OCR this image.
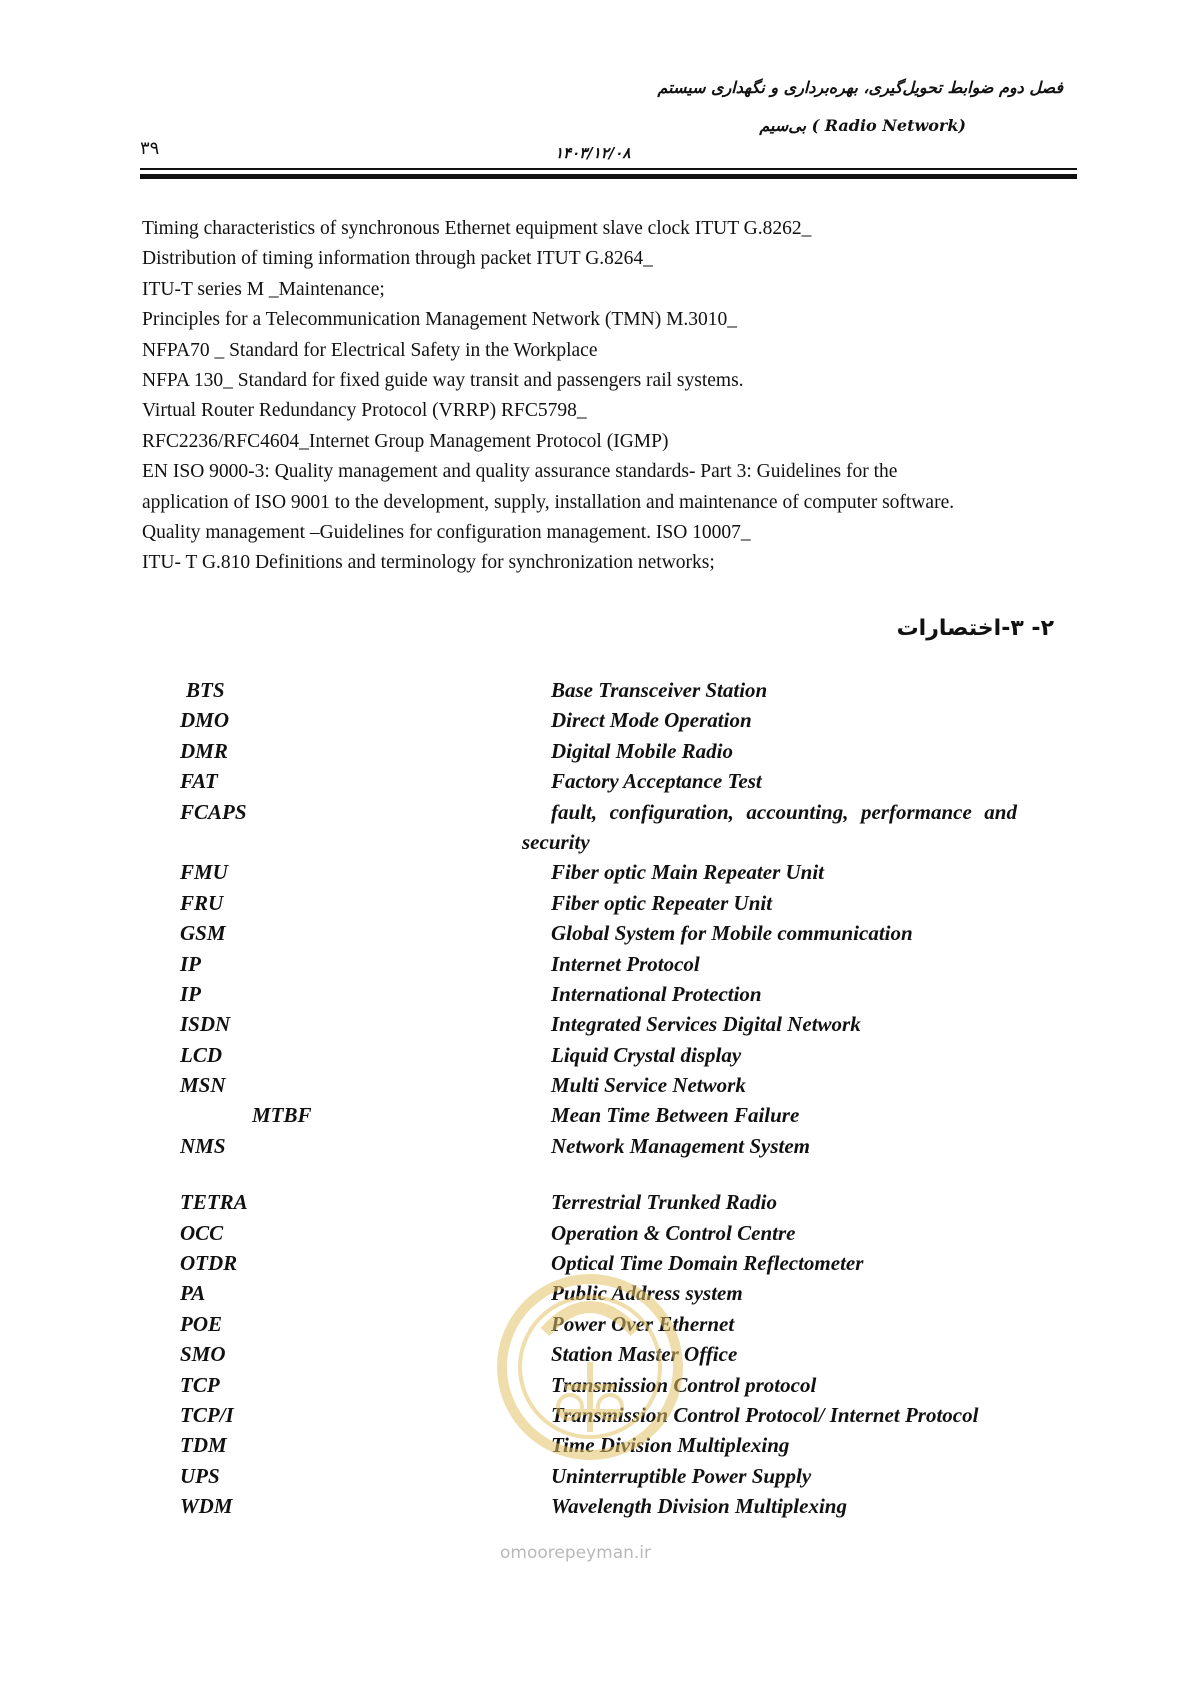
فصل دوم ضوابط تحویل‌گیری، بهره‌برداری و نگهداری سیستم
بی‌سیم ( Radio Network)
۳۹	۱۴۰۳/۱۲/۰۸

Timing characteristics of synchronous Ethernet equipment slave clock ITUT G.8262_

Distribution of timing information through packet ITUT G.8264_

ITU-T series M _Maintenance;

Principles for a Telecommunication Management Network (TMN) M.3010_

NFPA70 _ Standard for Electrical Safety in the Workplace

NFPA 130_ Standard for fixed guide way transit and passengers rail systems.

Virtual Router Redundancy Protocol (VRRP) RFC5798_

RFC2236/RFC4604_Internet Group Management Protocol (IGMP)

EN ISO 9000-3: Quality management and quality assurance standards- Part 3: Guidelines for the

application of ISO 9001 to the development, supply, installation and maintenance of computer software.

Quality management –Guidelines for configuration management. ISO 10007_

ITU- T G.810 Definitions and terminology for synchronization networks;

۲- ۳-اختصارات
BTS	Base Transceiver Station
DMO	Direct Mode Operation
DMR	Digital Mobile Radio
FAT	Factory Acceptance Test
FCAPS	fault, configuration, accounting, performance and security
FMU	Fiber optic Main Repeater Unit
FRU	Fiber optic Repeater Unit
GSM	Global System for Mobile communication
IP	Internet Protocol
IP	International Protection
ISDN	Integrated Services Digital Network
LCD	Liquid Crystal display
MSN	Multi Service Network
MTBF	Mean Time Between Failure
NMS	Network Management System
TETRA	Terrestrial Trunked Radio
OCC	Operation & Control Centre
OTDR	Optical Time Domain Reflectometer
PA	Public Address system
POE	Power Over Ethernet
SMO	Station Master Office
TCP	Transmission Control protocol
TCP/I	Transmission Control Protocol/ Internet Protocol
TDM	Time Division Multiplexing
UPS	Uninterruptible Power Supply
WDM	Wavelength Division Multiplexing
omoorepeyman.ir
